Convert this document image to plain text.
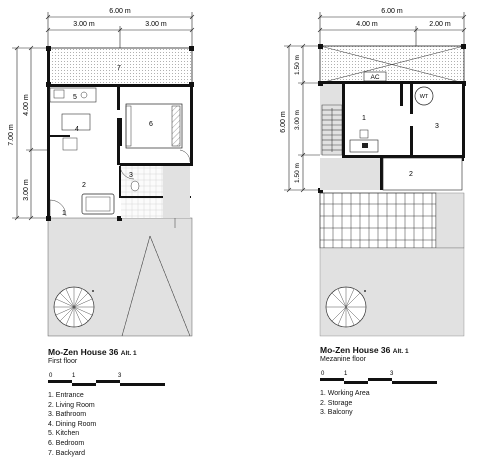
6.00 m
3.00 m	3.00 m
7.00 m
4.00 m
3.00 m
7
5
4
6
2
3
1
0	1	3
6.00 m
4.00 m	2.00 m
6.00 m
1.50 m
3.00 m
1.50 m
AC
WT
1
3
2
0	1	3
Mo-Zen House 36 Alt. 1
First floor
1. Entrance
2. Living Room
3. Bathroom
4. Dining Room
5. Kitchen
6. Bedroom
7. Backyard
Mo-Zen House 36 Alt. 1
Mezanine floor
1. Working Area
2. Storage
3. Balcony
